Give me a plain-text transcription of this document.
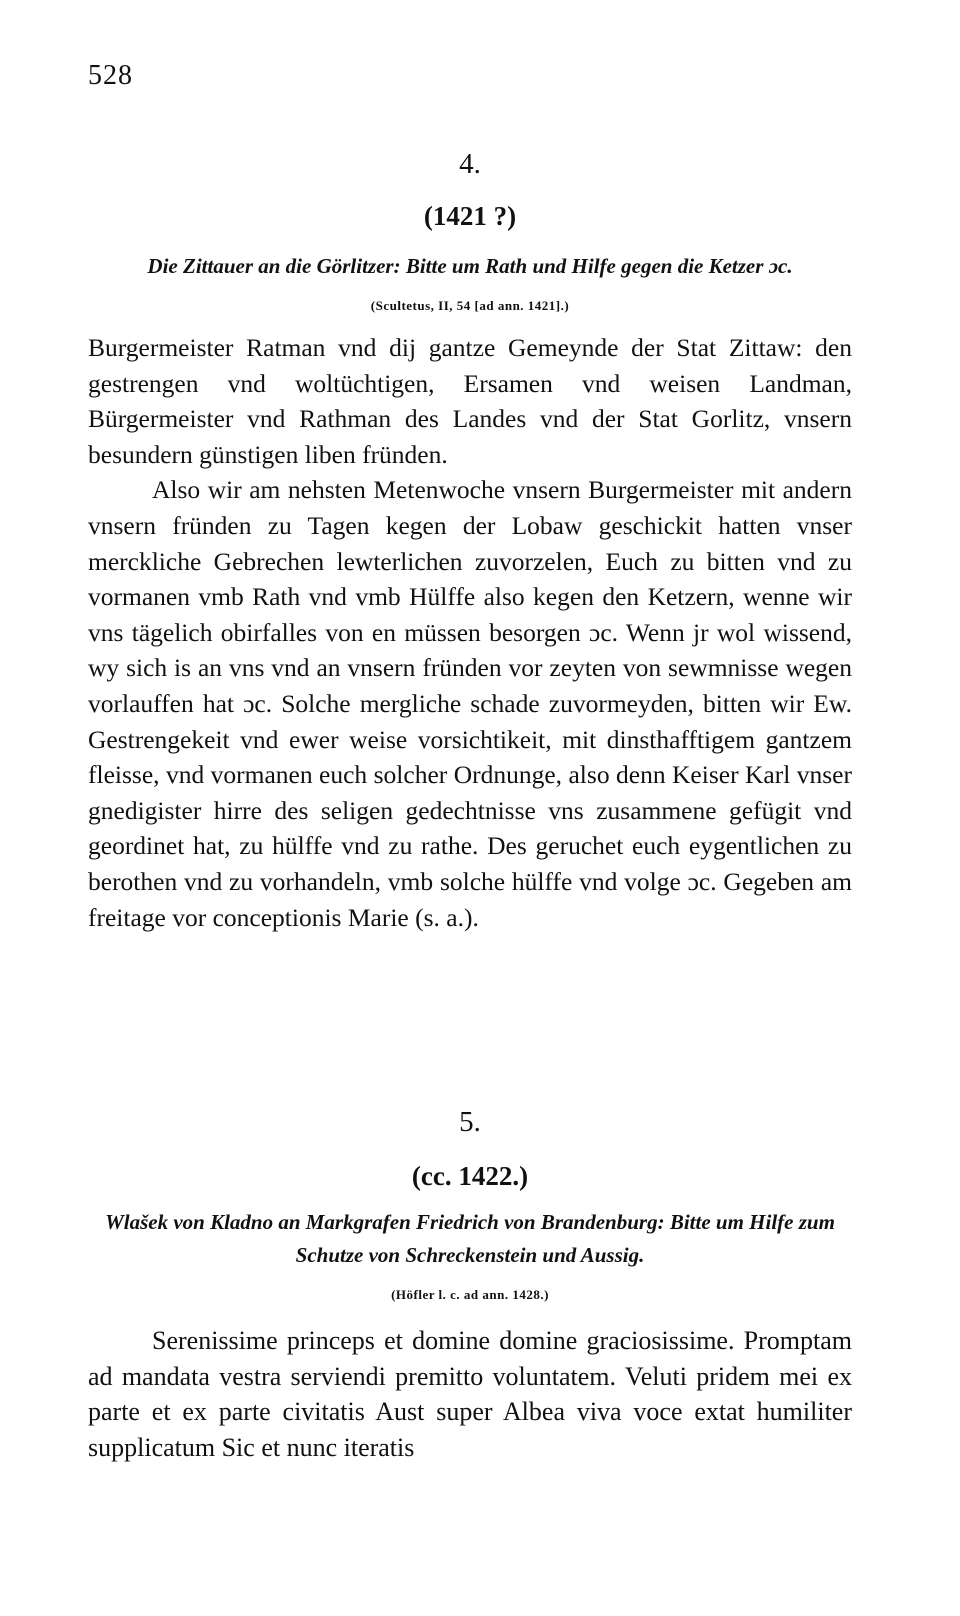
528

4.

(1421 ?)

Die Zittauer an die Görlitzer: Bitte um Rath und Hilfe gegen die Ketzer ɔc.

(Scultetus, II, 54 [ad ann. 1421].)

Burgermeister Ratman vnd dij gantze Gemeynde der Stat Zittaw: den gestrengen vnd woltüchtigen, Ersamen vnd weisen Landman, Bürgermeister vnd Rathman des Landes vnd der Stat Gorlitz, vnsern besundern günstigen liben fründen.

Also wir am nehsten Metenwoche vnsern Burgermeister mit andern vnsern fründen zu Tagen kegen der Lobaw geschickit hatten vnser merckliche Gebrechen lewterlichen zuvorzelen, Euch zu bitten vnd zu vormanen vmb Rath vnd vmb Hülffe also kegen den Ketzern, wenne wir vns tägelich obirfalles von en müssen besorgen ɔc. Wenn jr wol wissend, wy sich is an vns vnd an vnsern fründen vor zeyten von sewmnisse wegen vorlauffen hat ɔc. Solche mergliche schade zuvormeyden, bitten wir Ew. Gestrengekeit vnd ewer weise vorsichtikeit, mit dinsthafftigem gantzem fleisse, vnd vormanen euch solcher Ordnunge, also denn Keiser Karl vnser gnedigister hirre des seligen gedechtnisse vns zusammene gefügit vnd geordinet hat, zu hülffe vnd zu rathe. Des geruchet euch eygentlichen zu berothen vnd zu vorhandeln, vmb solche hülffe vnd volge ɔc. Gegeben am freitage vor conceptionis Marie (s. a.).

5.

(cc. 1422.)

Wlašek von Kladno an Markgrafen Friedrich von Brandenburg: Bitte um Hilfe zum Schutze von Schreckenstein und Aussig.

(Höfler l. c. ad ann. 1428.)

Serenissime princeps et domine domine graciosissime. Promptam ad mandata vestra serviendi premitto voluntatem. Veluti pridem mei ex parte et ex parte civitatis Aust super Albea viva voce extat humiliter supplicatum Sic et nunc iteratis
